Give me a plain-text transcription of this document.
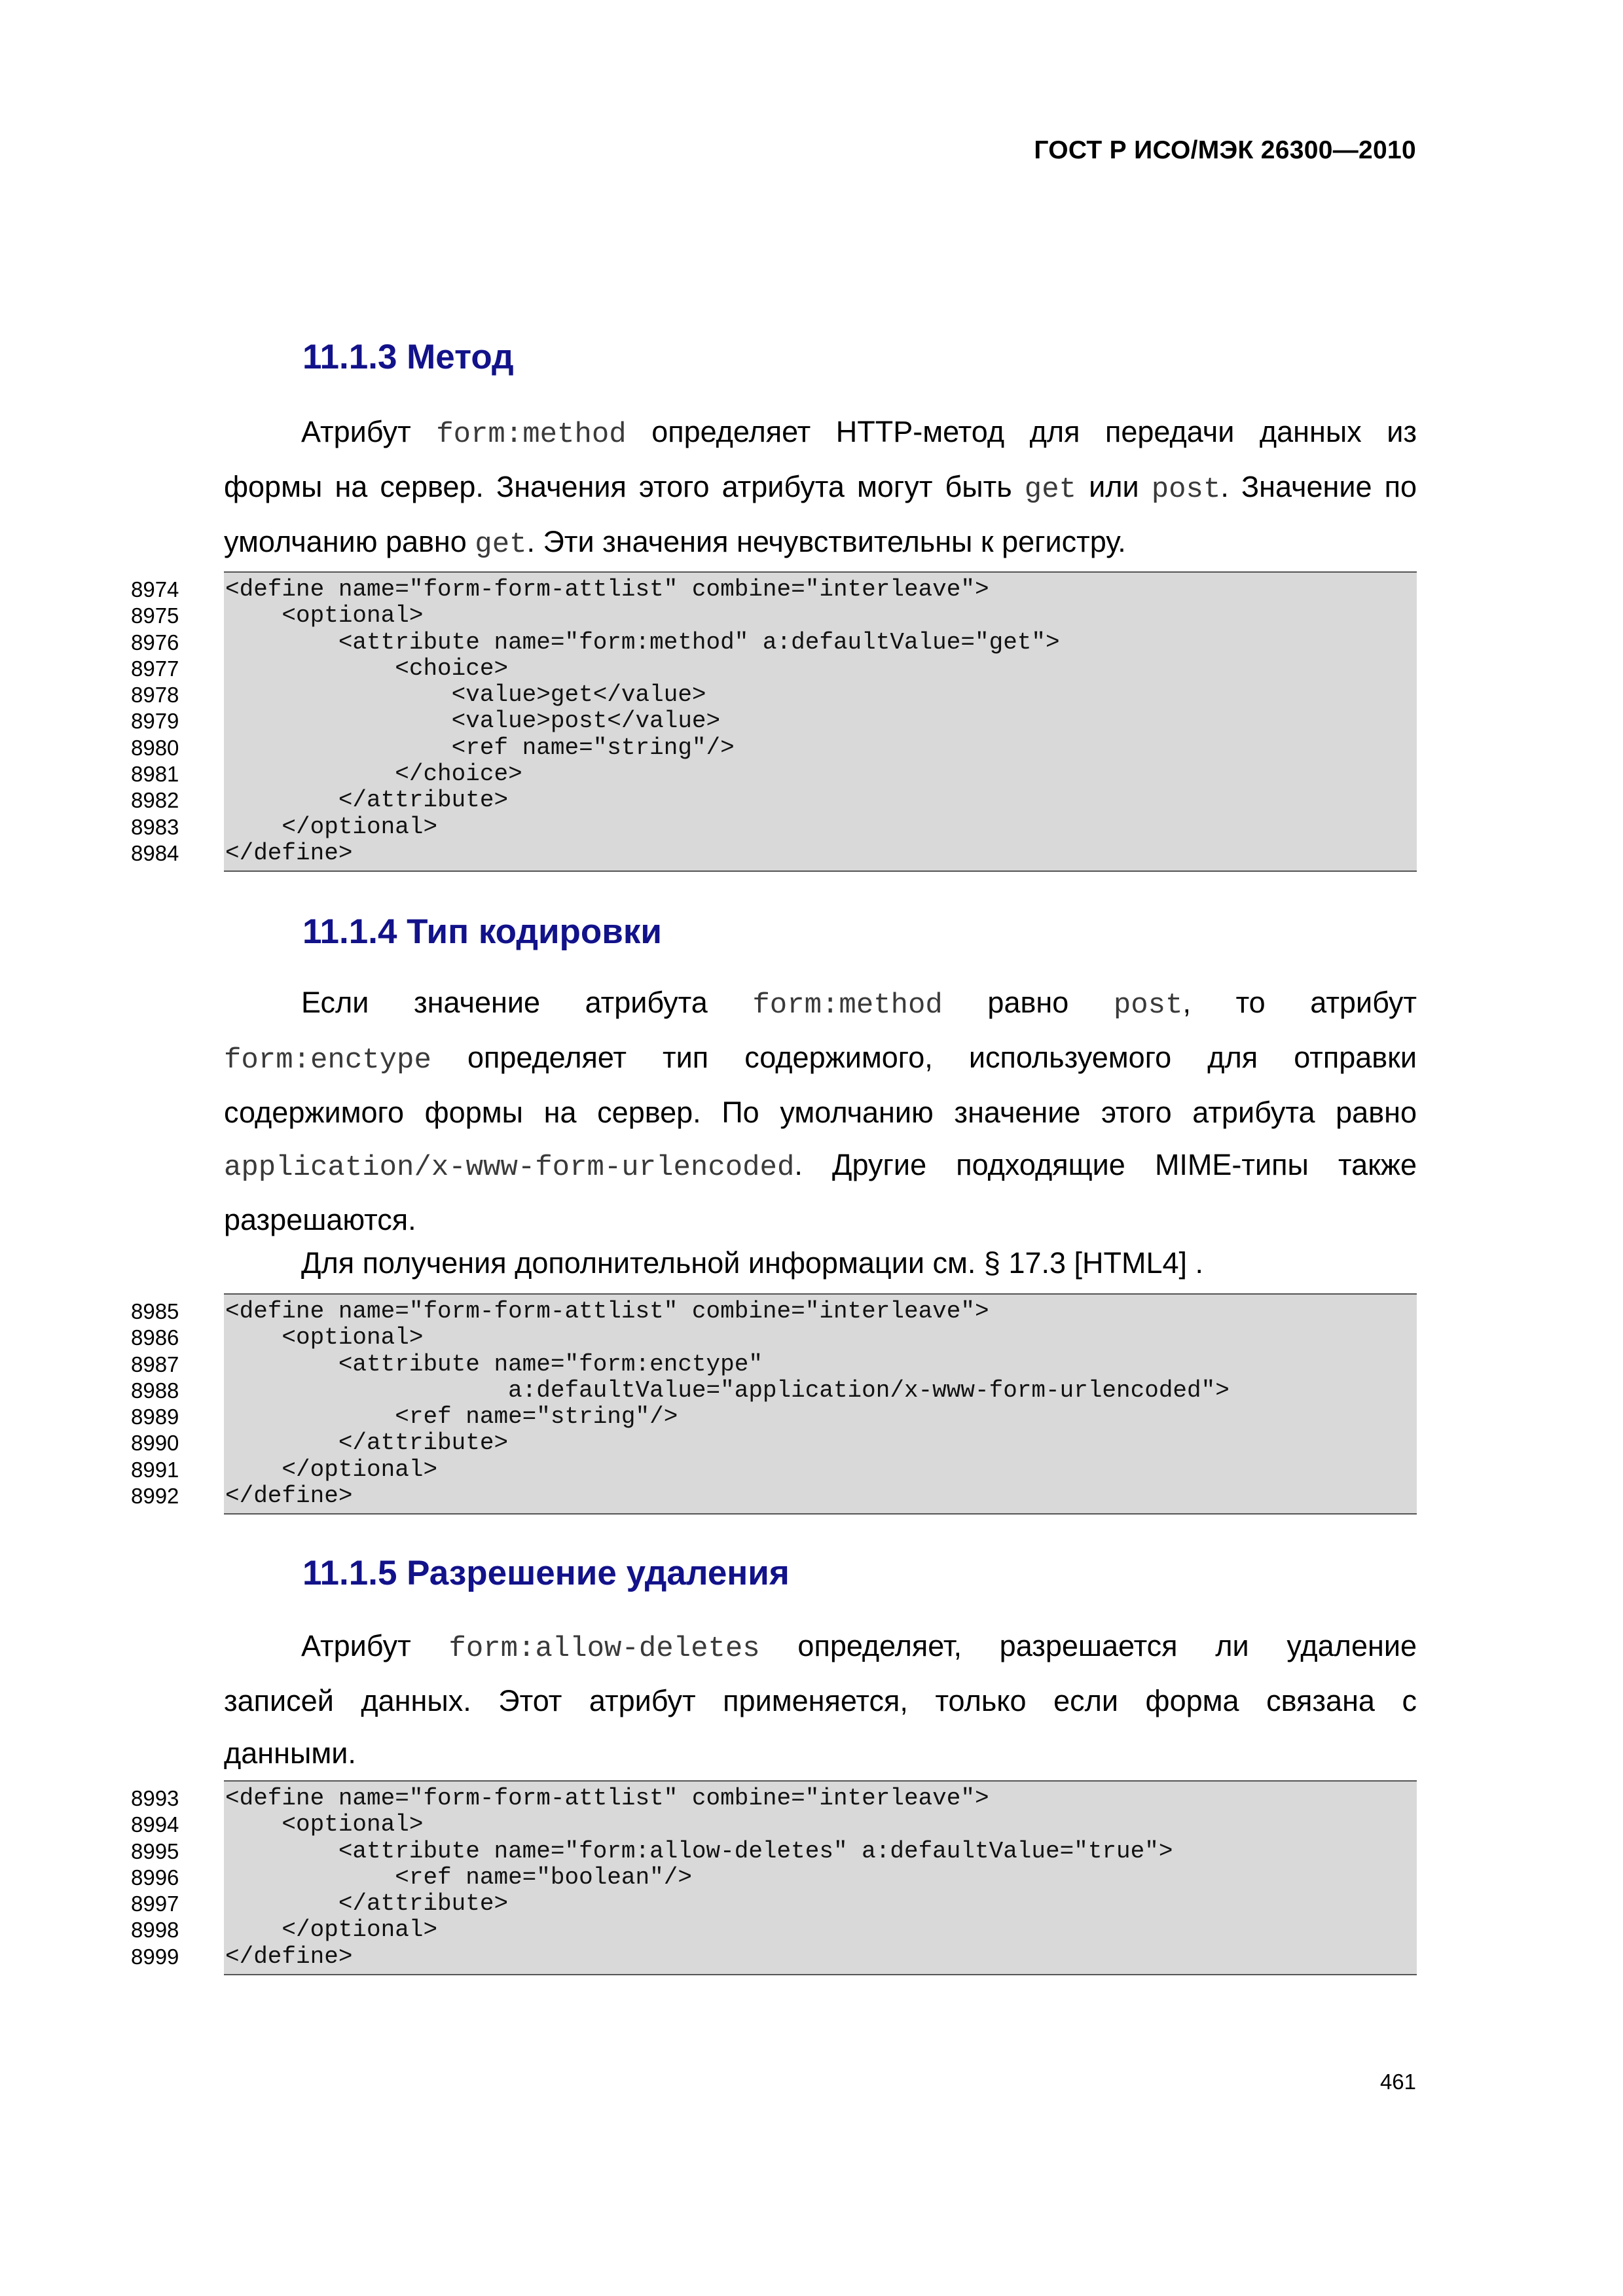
ГОСТ Р ИСО/МЭК 26300—2010
11.1.3 Метод
Атрибут form:method определяет HTTP-метод для передачи данных из
формы на сервер. Значения этого атрибута могут быть get или post. Значение по
умолчанию равно get. Эти значения нечувствительны к регистру.
8974	<define name="form-form-attlist" combine="interleave">
8975	<optional>
8976	<attribute name="form:method" a:defaultValue="get">
8977	<choice>
8978	<value>get</value>
8979	<value>post</value>
8980	<ref name="string"/>
8981	</choice>
8982	</attribute>
8983	</optional>
8984	</define>
11.1.4 Тип кодировки
Если значение атрибута form:method равно post, то атрибут
form:enctype определяет тип содержимого, используемого для отправки
содержимого формы на сервер. По умолчанию значение этого атрибута равно
application/x-www-form-urlencoded. Другие подходящие MIME-типы также
разрешаются.
Для получения дополнительной информации см. § 17.3 [HTML4] .
8985	<define name="form-form-attlist" combine="interleave">
8986	<optional>
8987	<attribute name="form:enctype"
8988	a:defaultValue="application/x-www-form-urlencoded">
8989	<ref name="string"/>
8990	</attribute>
8991	</optional>
8992	</define>
11.1.5 Разрешение удаления
Атрибут form:allow-deletes определяет, разрешается ли удаление
записей данных. Этот атрибут применяется, только если форма связана с
данными.
8993	<define name="form-form-attlist" combine="interleave">
8994	<optional>
8995	<attribute name="form:allow-deletes" a:defaultValue="true">
8996	<ref name="boolean"/>
8997	</attribute>
8998	</optional>
8999	</define>
461
